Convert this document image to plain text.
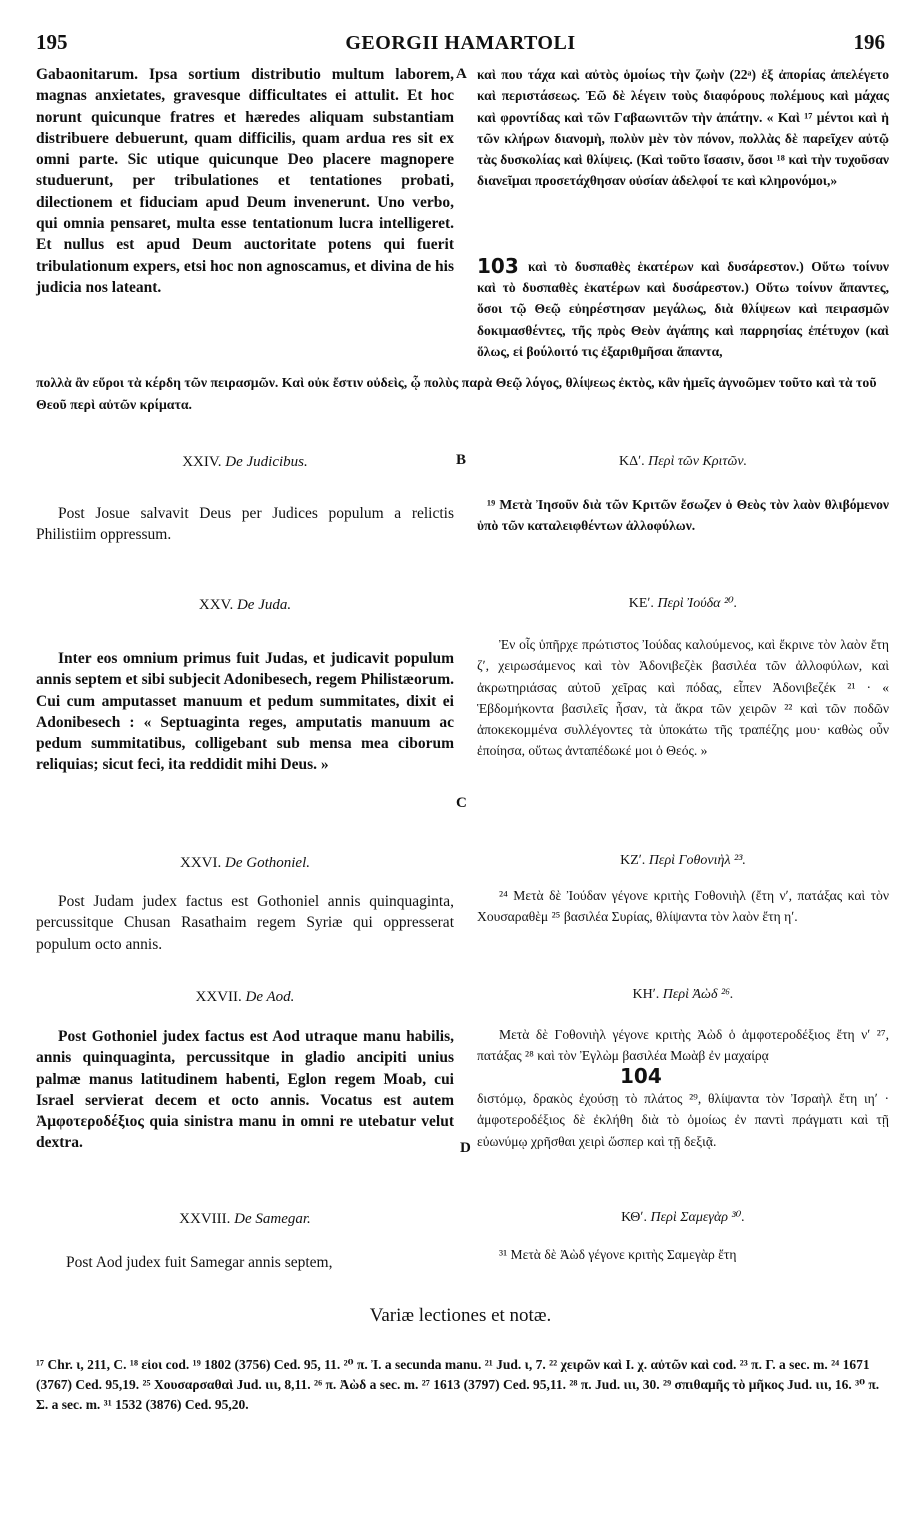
195	GEORGII HAMARTOLI	196
Gabaonitarum. Ipsa sortium distributio multum laborem, magnas anxietates, gravesque difficultates ei attulit. Et hoc norunt quicunque fratres et hæredes aliquam substantiam distribuere debuerunt, quam difficilis, quam ardua res sit ex omni parte. Sic utique quicunque Deo placere magnopere studuerunt, per tribulationes et tentationes probati, dilectionem et fiduciam apud Deum invenerunt. Uno verbo, qui omnia pensaret, multa esse tentationum lucra intelligeret. Et nullus est apud Deum auctoritate potens qui fuerit tribulationum expers, etsi hoc non agnoscamus, et divina de his judicia nos lateant.
A καὶ που τάχα καὶ αὐτὸς ὁμοίως τὴν ζωὴν (22ᵃ) ἐξ ἀπορίας ἀπελέγετο καὶ περιστάσεως. Ἐῶ δὲ λέγειν τοὺς διαφόρους πολέμους καὶ μάχας καὶ φροντίδας καὶ τῶν Γαβαωνιτῶν τὴν ἀπάτην. « Καὶ ¹⁷ μέντοι καὶ ἡ τῶν κλήρων διανομὴ, πολὺν μὲν τὸν πόνον, πολλὰς δὲ παρεῖχεν αὐτῷ τὰς δυσκολίας καὶ θλίψεις. (Καὶ τοῦτο ἴσασιν, ὅσοι ¹⁸ καὶ τὴν τυχοῦσαν διανεῖμαι προσετάχθησαν οὐσίαν ἀδελφοί τε καὶ κληρονόμοι,»
103 καὶ τὸ δυσπαθὲς ἑκατέρων καὶ δυσάρεστον.) Οὕτω τοίνυν
καὶ τὸ δυσπαθὲς ἑκατέρων καὶ δυσάρεστον.) Οὕτω τοίνυν ἅπαντες, ὅσοι τῷ Θεῷ εὐηρέστησαν μεγάλως, διὰ θλίψεων καὶ πειρασμῶν δοκιμασθέντες, τῆς πρὸς Θεὸν ἀγάπης καὶ παρρησίας ἐπέτυχον (καὶ ὅλως, εἰ βούλοιτό τις ἐξαριθμῆσαι ἅπαντα,
πολλὰ ἂν εὕροι τὰ κέρδη τῶν πειρασμῶν. Καὶ οὐκ ἔστιν οὐδεὶς, ᾧ πολὺς παρὰ Θεῷ λόγος, θλίψεως ἐκτὸς, κἂν ἡμεῖς ἀγνοῶμεν τοῦτο καὶ τὰ τοῦ Θεοῦ περὶ αὐτῶν κρίματα.
XXIV. De Judicibus.	B	ΚΔʹ. Περὶ τῶν Κριτῶν.
Post Josue salvavit Deus per Judices populum a relictis Philistiim oppressum.
¹⁹ Μετὰ Ἰησοῦν διὰ τῶν Κριτῶν ἔσωζεν ὁ Θεὸς τὸν λαὸν θλιβόμενον ὑπὸ τῶν καταλειφθέντων ἀλλοφύλων.
XXV. De Juda.	ΚΕʹ. Περὶ Ἰούδα ²⁰.
Inter eos omnium primus fuit Judas, et judicavit populum annis septem et sibi subjecit Adonibesech, regem Philistæorum. Cui cum amputasset manuum et pedum summitates, dixit ei Adonibesech : « Septuaginta reges, amputatis manuum ac pedum summitatibus, colligebant sub mensa mea ciborum reliquias; sicut feci, ita reddidit mihi Deus. »
Ἐν οἷς ὑπῆρχε πρώτιστος Ἰούδας καλούμενος, καὶ ἔκρινε τὸν λαὸν ἔτη ζʹ, χειρωσάμενος καὶ τὸν Ἀδονιβεζὲκ βασιλέα τῶν ἀλλοφύλων, καὶ ἀκρωτηριάσας αὐτοῦ χεῖρας καὶ πόδας, εἶπεν Ἀδονιβεζέκ ²¹ · « Ἑβδομήκοντα βασιλεῖς ἦσαν, τὰ ἄκρα τῶν χειρῶν ²² καὶ τῶν ποδῶν ἀποκεκομμένα συλλέγοντες τὰ ὑποκάτω τῆς τραπέζης μου· καθὼς οὖν ἐποίησα, οὕτως ἀνταπέδωκέ μοι ὁ Θεός. »
C
XXVI. De Gothoniel.	ΚΖʹ. Περὶ Γοθονιὴλ ²³.
Post Judam judex factus est Gothoniel annis quinquaginta, percussitque Chusan Rasathaim regem Syriæ qui oppresserat populum octo annis.
²⁴ Μετὰ δὲ Ἰούδαν γέγονε κριτὴς Γοθονιὴλ (ἔτη νʹ, πατάξας καὶ τὸν Χουσαραθὲμ ²⁵ βασιλέα Συρίας, θλίψαντα τὸν λαὸν ἔτη ηʹ.
XXVII. De Aod.	ΚΗʹ. Περὶ Ἀὼδ ²⁶.
Post Gothoniel judex factus est Aod utraque manu habilis, annis quinquaginta, percussitque in gladio ancipiti unius palmæ manus latitudinem habenti, Eglon regem Moab, cui Israel servierat decem et octo annis. Vocatus est autem Ἀμφοτεροδέξιος quia sinistra manu in omni re utebatur velut dextra.
Μετὰ δὲ Γοθονιὴλ γέγονε κριτὴς Ἀὼδ ὁ ἀμφοτεροδέξιος ἔτη νʹ ²⁷, πατάξας ²⁸ καὶ τὸν Ἐγλὼμ βασιλέα Μωὰβ ἐν μαχαίρᾳ
104
διστόμῳ, δρακὸς ἐχούσῃ τὸ πλάτος ²⁹, θλίψαντα τὸν Ἰσραὴλ ἔτη ιηʹ · ἀμφοτεροδέξιος δὲ ἐκλήθη διὰ τὸ ὁμοίως ἐν παντὶ πράγματι καὶ τῇ εὐωνύμῳ χρῆσθαι χειρὶ ὥσπερ καὶ τῇ δεξιᾷ.
D
XXVIII. De Samegar.	ΚΘʹ. Περὶ Σαμεγὰρ ³⁰.
Post Aod judex fuit Samegar annis septem,	³¹ Μετὰ δὲ Ἀὼδ γέγονε κριτὴς Σαμεγὰρ ἔτη
Variæ lectiones et notæ.
¹⁷ Chr. ι, 211, C. ¹⁸ εἰοι cod. ¹⁹ 1802 (3756) Ced. 95, 11. ²⁰ π. Ἰ. a secunda manu. ²¹ Jud. ι, 7. ²² χειρῶν καὶ Ι. χ. αὐτῶν καὶ cod. ²³ π. Γ. a sec. m. ²⁴ 1671 (3767) Ced. 95,19. ²⁵ Χουσαρσαθαὶ Jud. ιιι, 8,11. ²⁶ π. Ἀὼδ a sec. m. ²⁷ 1613 (3797) Ced. 95,11. ²⁸ π. Jud. ιιι, 30. ²⁹ σπιθαμῆς τὸ μῆκος Jud. ιιι, 16. ³⁰ π. Σ. a sec. m. ³¹ 1532 (3876) Ced. 95,20.
